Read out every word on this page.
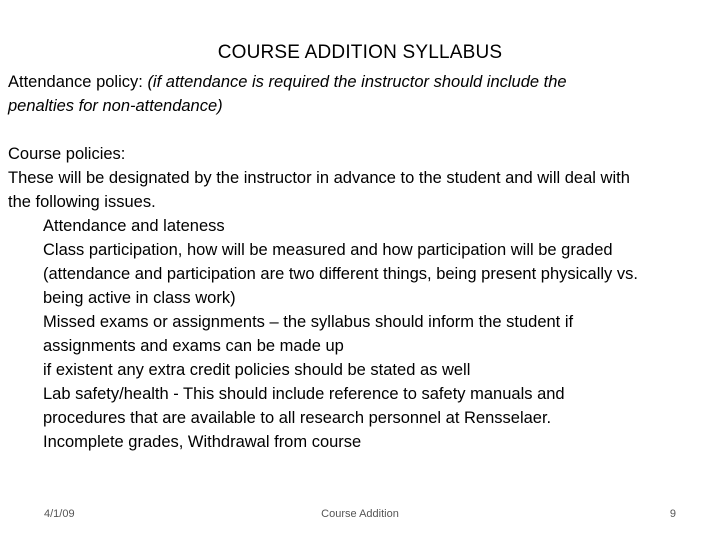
COURSE ADDITION SYLLABUS

Attendance policy: (if attendance is required the instructor should include the

penalties for non-attendance)

Course policies:

These will be designated by the instructor in advance to the student and will deal with

the following issues.

Attendance and lateness

Class participation, how will be measured and how participation will be graded

(attendance and participation are two different things, being present physically vs.

being active in class work)

Missed exams or assignments – the syllabus should inform the student if

assignments and exams can be made up

if existent any extra credit policies should be stated as well

Lab safety/health - This should include reference to safety manuals and

procedures that are available to all research personnel at Rensselaer.

Incomplete grades, Withdrawal from course

4/1/09	Course Addition	9
